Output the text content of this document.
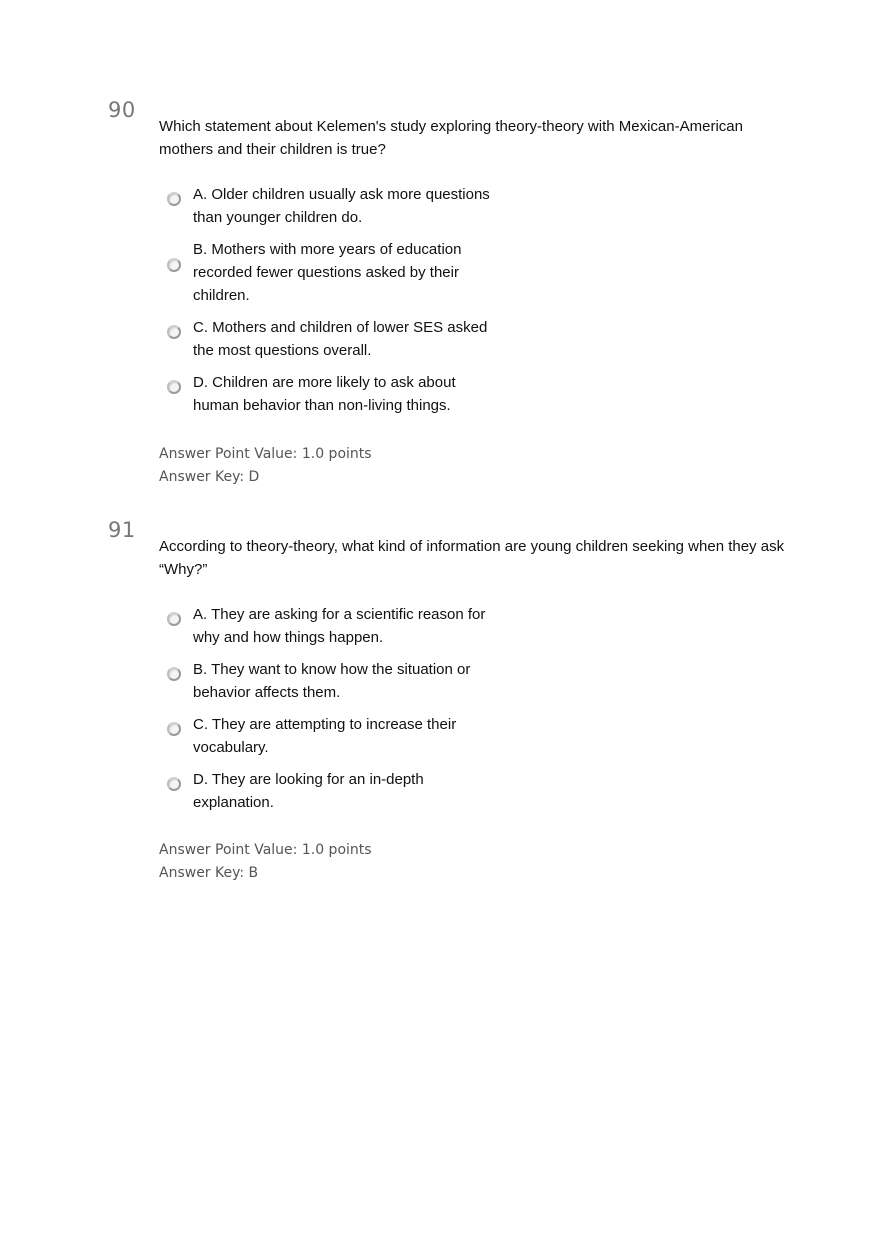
90
Which statement about Kelemen's study exploring theory-theory with Mexican-American mothers and their children is true?
A. Older children usually ask more questions
than younger children do.
B. Mothers with more years of education
recorded fewer questions asked by their
children.
C. Mothers and children of lower SES asked
the most questions overall.
D. Children are more likely to ask about
human behavior than non-living things.
Answer Point Value: 1.0 points
Answer Key: D
91
According to theory-theory, what kind of information are young children seeking when they ask “Why?”
A. They are asking for a scientific reason for
why and how things happen.
B. They want to know how the situation or
behavior affects them.
C. They are attempting to increase their
vocabulary.
D. They are looking for an in-depth
explanation.
Answer Point Value: 1.0 points
Answer Key: B
